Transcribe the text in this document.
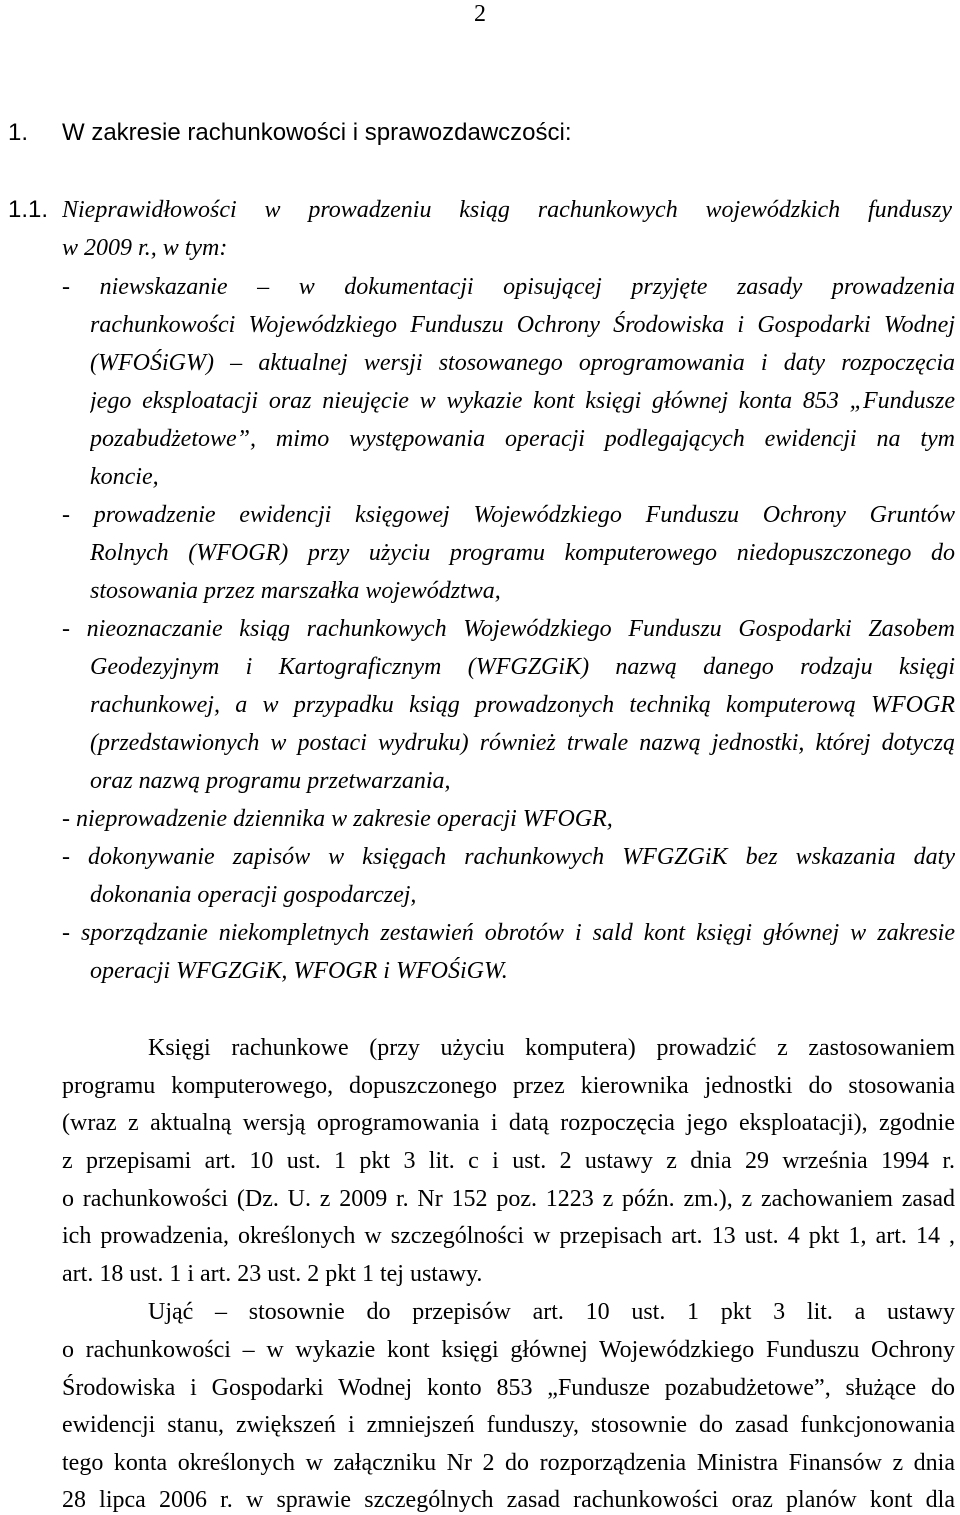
2
1.	W zakresie rachunkowości i sprawozdawczości:
1.1. Nieprawidłowości w prowadzeniu ksiąg rachunkowych wojewódzkich funduszy
w 2009 r., w tym:
- niewskazanie – w dokumentacji opisującej przyjęte zasady prowadzenia
rachunkowości Wojewódzkiego Funduszu Ochrony Środowiska i Gospodarki Wodnej
(WFOŚiGW) – aktualnej wersji stosowanego oprogramowania i daty rozpoczęcia
jego eksploatacji oraz nieujęcie w wykazie kont księgi głównej konta 853 „Fundusze
pozabudżetowe”, mimo występowania operacji podlegających ewidencji na tym
koncie,
- prowadzenie ewidencji księgowej Wojewódzkiego Funduszu Ochrony Gruntów
Rolnych (WFOGR) przy użyciu programu komputerowego niedopuszczonego do
stosowania przez marszałka województwa,
- nieoznaczanie ksiąg rachunkowych Wojewódzkiego Funduszu Gospodarki Zasobem
Geodezyjnym i Kartograficznym (WFGZGiK) nazwą danego rodzaju księgi
rachunkowej, a w przypadku ksiąg prowadzonych techniką komputerową WFOGR
(przedstawionych w postaci wydruku) również trwale nazwą jednostki, której dotyczą
oraz nazwą programu przetwarzania,
- nieprowadzenie dziennika w zakresie operacji WFOGR,
- dokonywanie zapisów w księgach rachunkowych WFGZGiK bez wskazania daty
dokonania operacji gospodarczej,
- sporządzanie niekompletnych zestawień obrotów i sald kont księgi głównej w zakresie
operacji WFGZGiK, WFOGR i WFOŚiGW.
Księgi rachunkowe (przy użyciu komputera) prowadzić z zastosowaniem
programu komputerowego, dopuszczonego przez kierownika jednostki do stosowania
(wraz z aktualną wersją oprogramowania i datą rozpoczęcia jego eksploatacji), zgodnie
z przepisami art. 10 ust. 1 pkt 3 lit. c i ust. 2 ustawy z dnia 29 września 1994 r.
o rachunkowości (Dz. U. z 2009 r. Nr 152 poz. 1223 z późn. zm.), z zachowaniem zasad
ich prowadzenia, określonych w szczególności w przepisach art. 13 ust. 4 pkt 1, art. 14 ,
art. 18 ust. 1 i art. 23 ust. 2 pkt 1 tej ustawy.
Ująć – stosownie do przepisów art. 10 ust. 1 pkt 3 lit. a ustawy
o rachunkowości – w wykazie kont księgi głównej Wojewódzkiego Funduszu Ochrony
Środowiska i Gospodarki Wodnej konto 853 „Fundusze pozabudżetowe”, służące do
ewidencji stanu, zwiększeń i zmniejszeń funduszy, stosownie do zasad funkcjonowania
tego konta określonych w załączniku Nr 2 do rozporządzenia Ministra Finansów z dnia
28 lipca 2006 r. w sprawie szczególnych zasad rachunkowości oraz planów kont dla
